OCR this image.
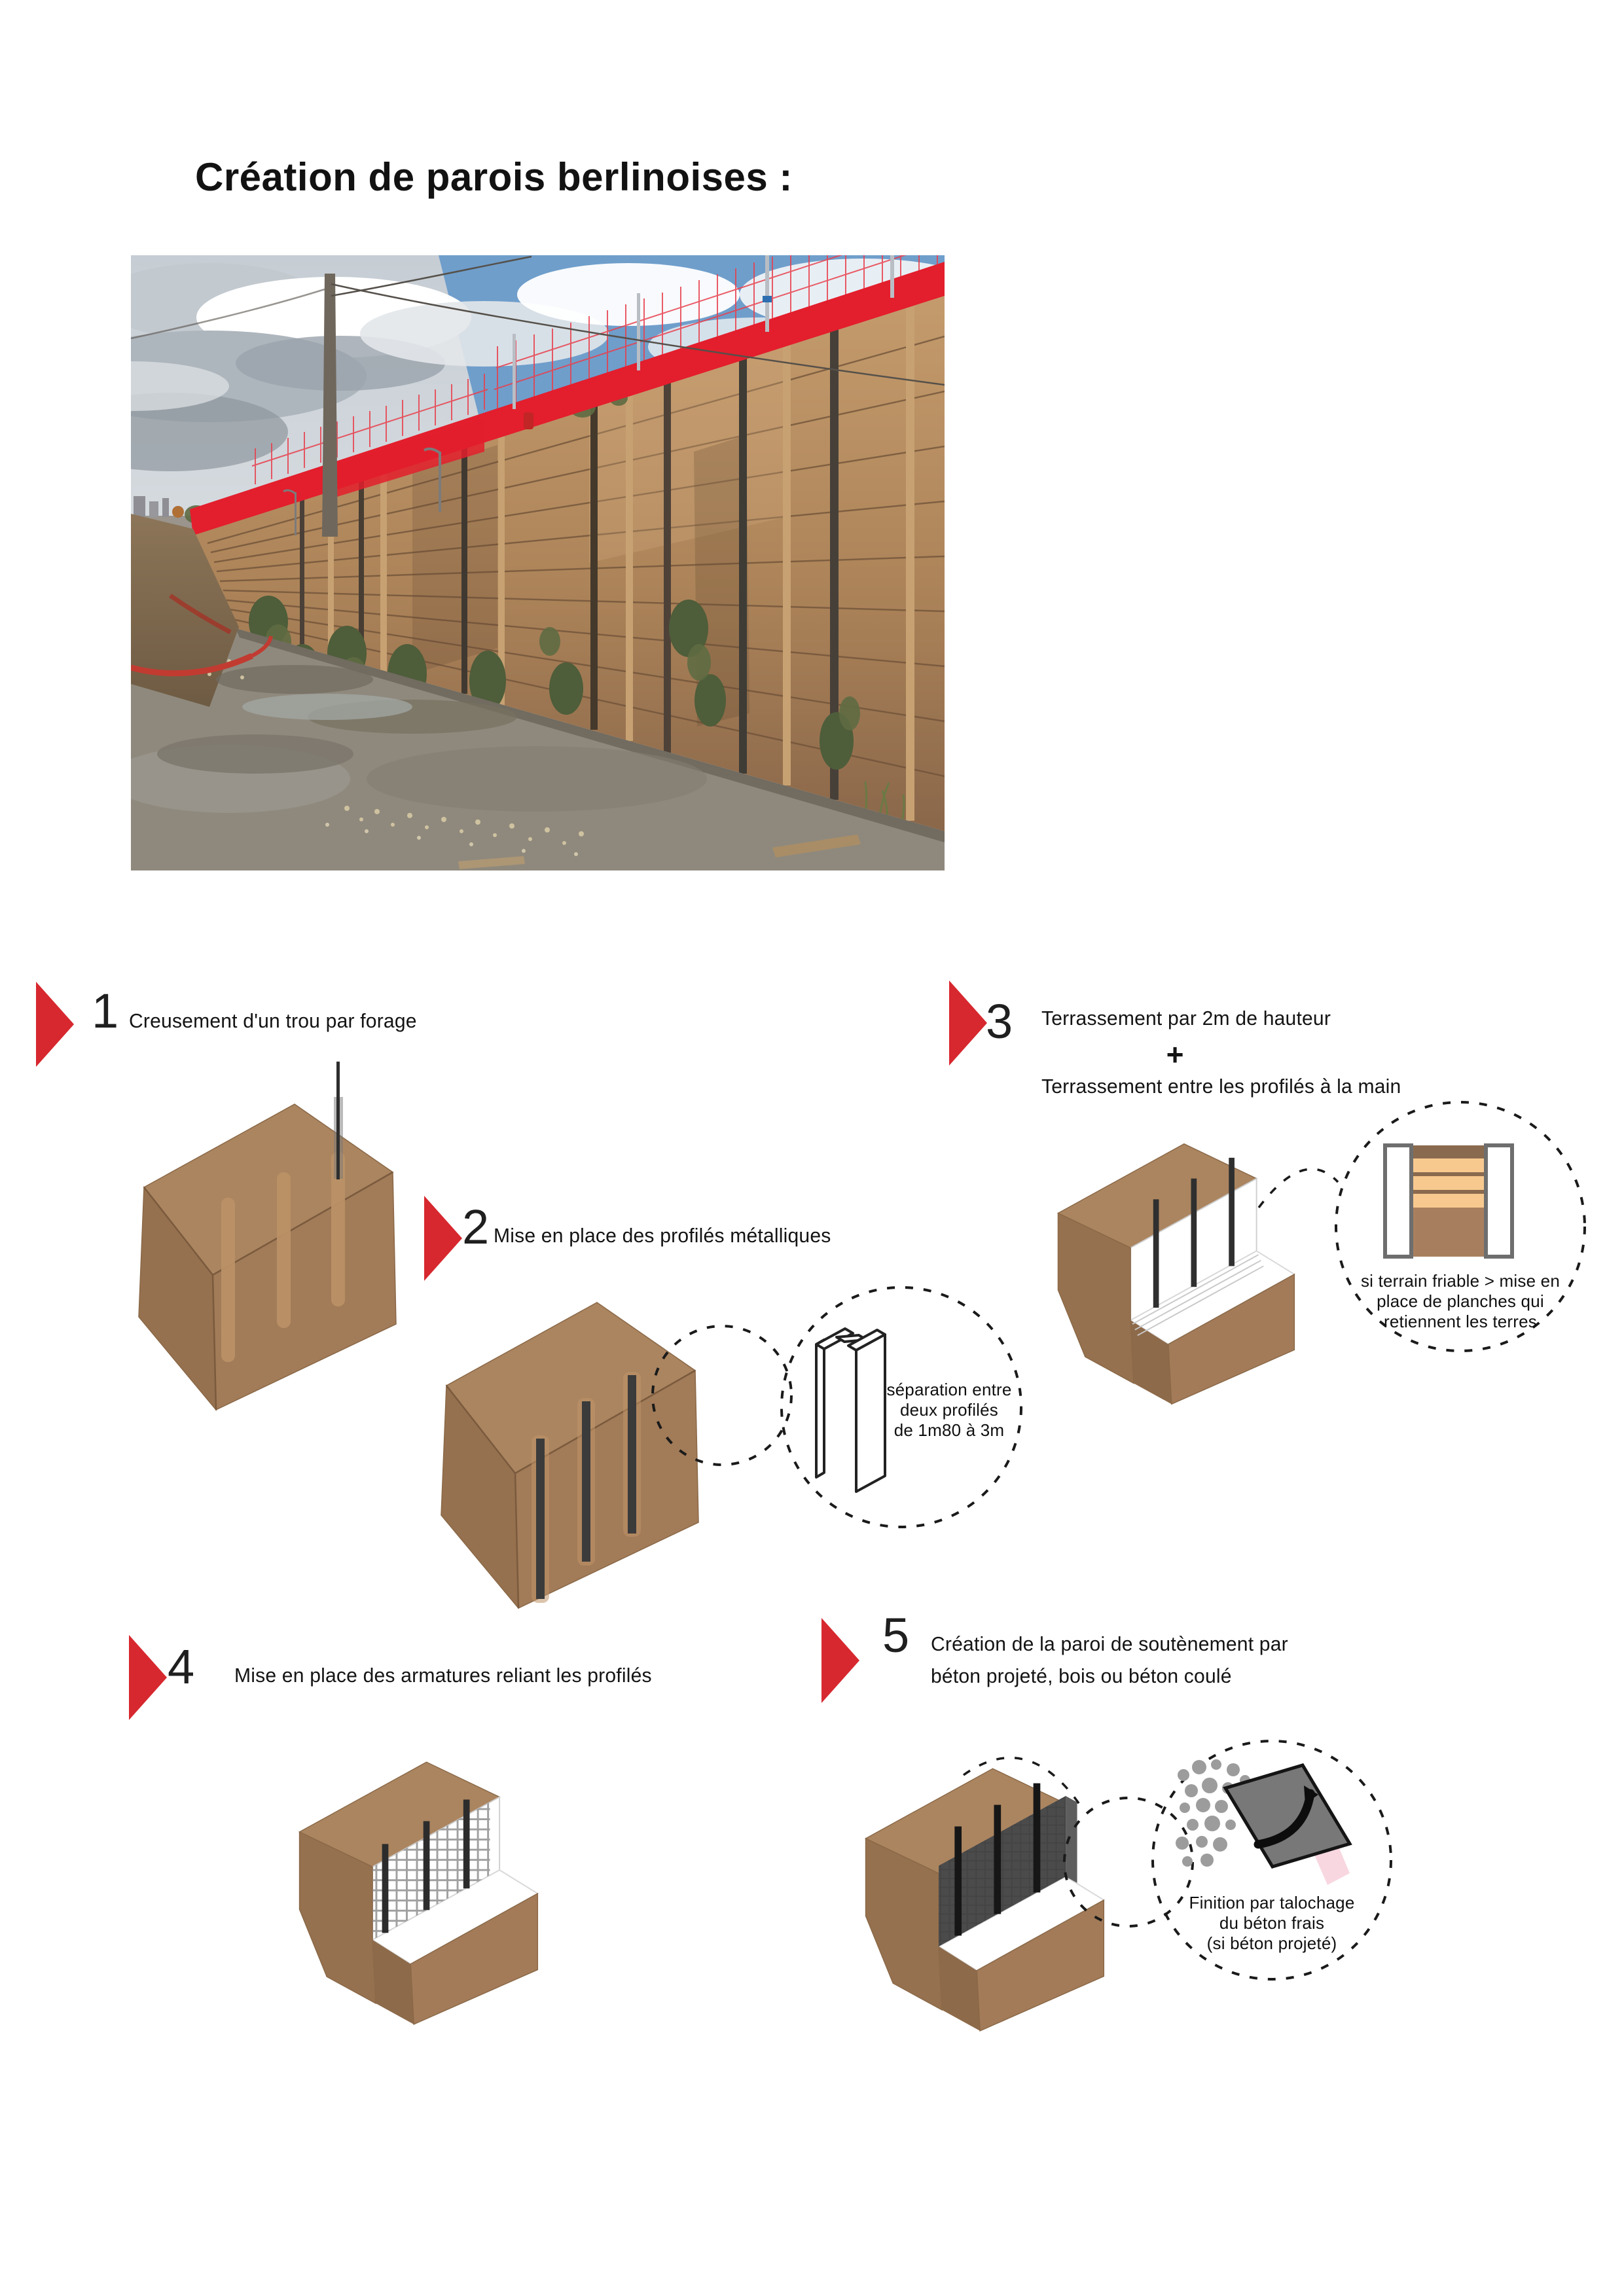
Création de parois berlinoises :
1 Creusement d'un trou par forage
2 Mise en place des profilés métalliques
3 Terrassement par 2m de hauteur
+
Terrassement entre les profilés à la main
4 Mise en place des armatures reliant les profilés
5 Création de la paroi de soutènement par
béton projeté, bois ou béton coulé
séparation entre
deux profilés
de 1m80 à 3m
si terrain friable > mise en
place de planches qui
retiennent les terres
Finition par talochage
du béton frais
(si béton projeté)
